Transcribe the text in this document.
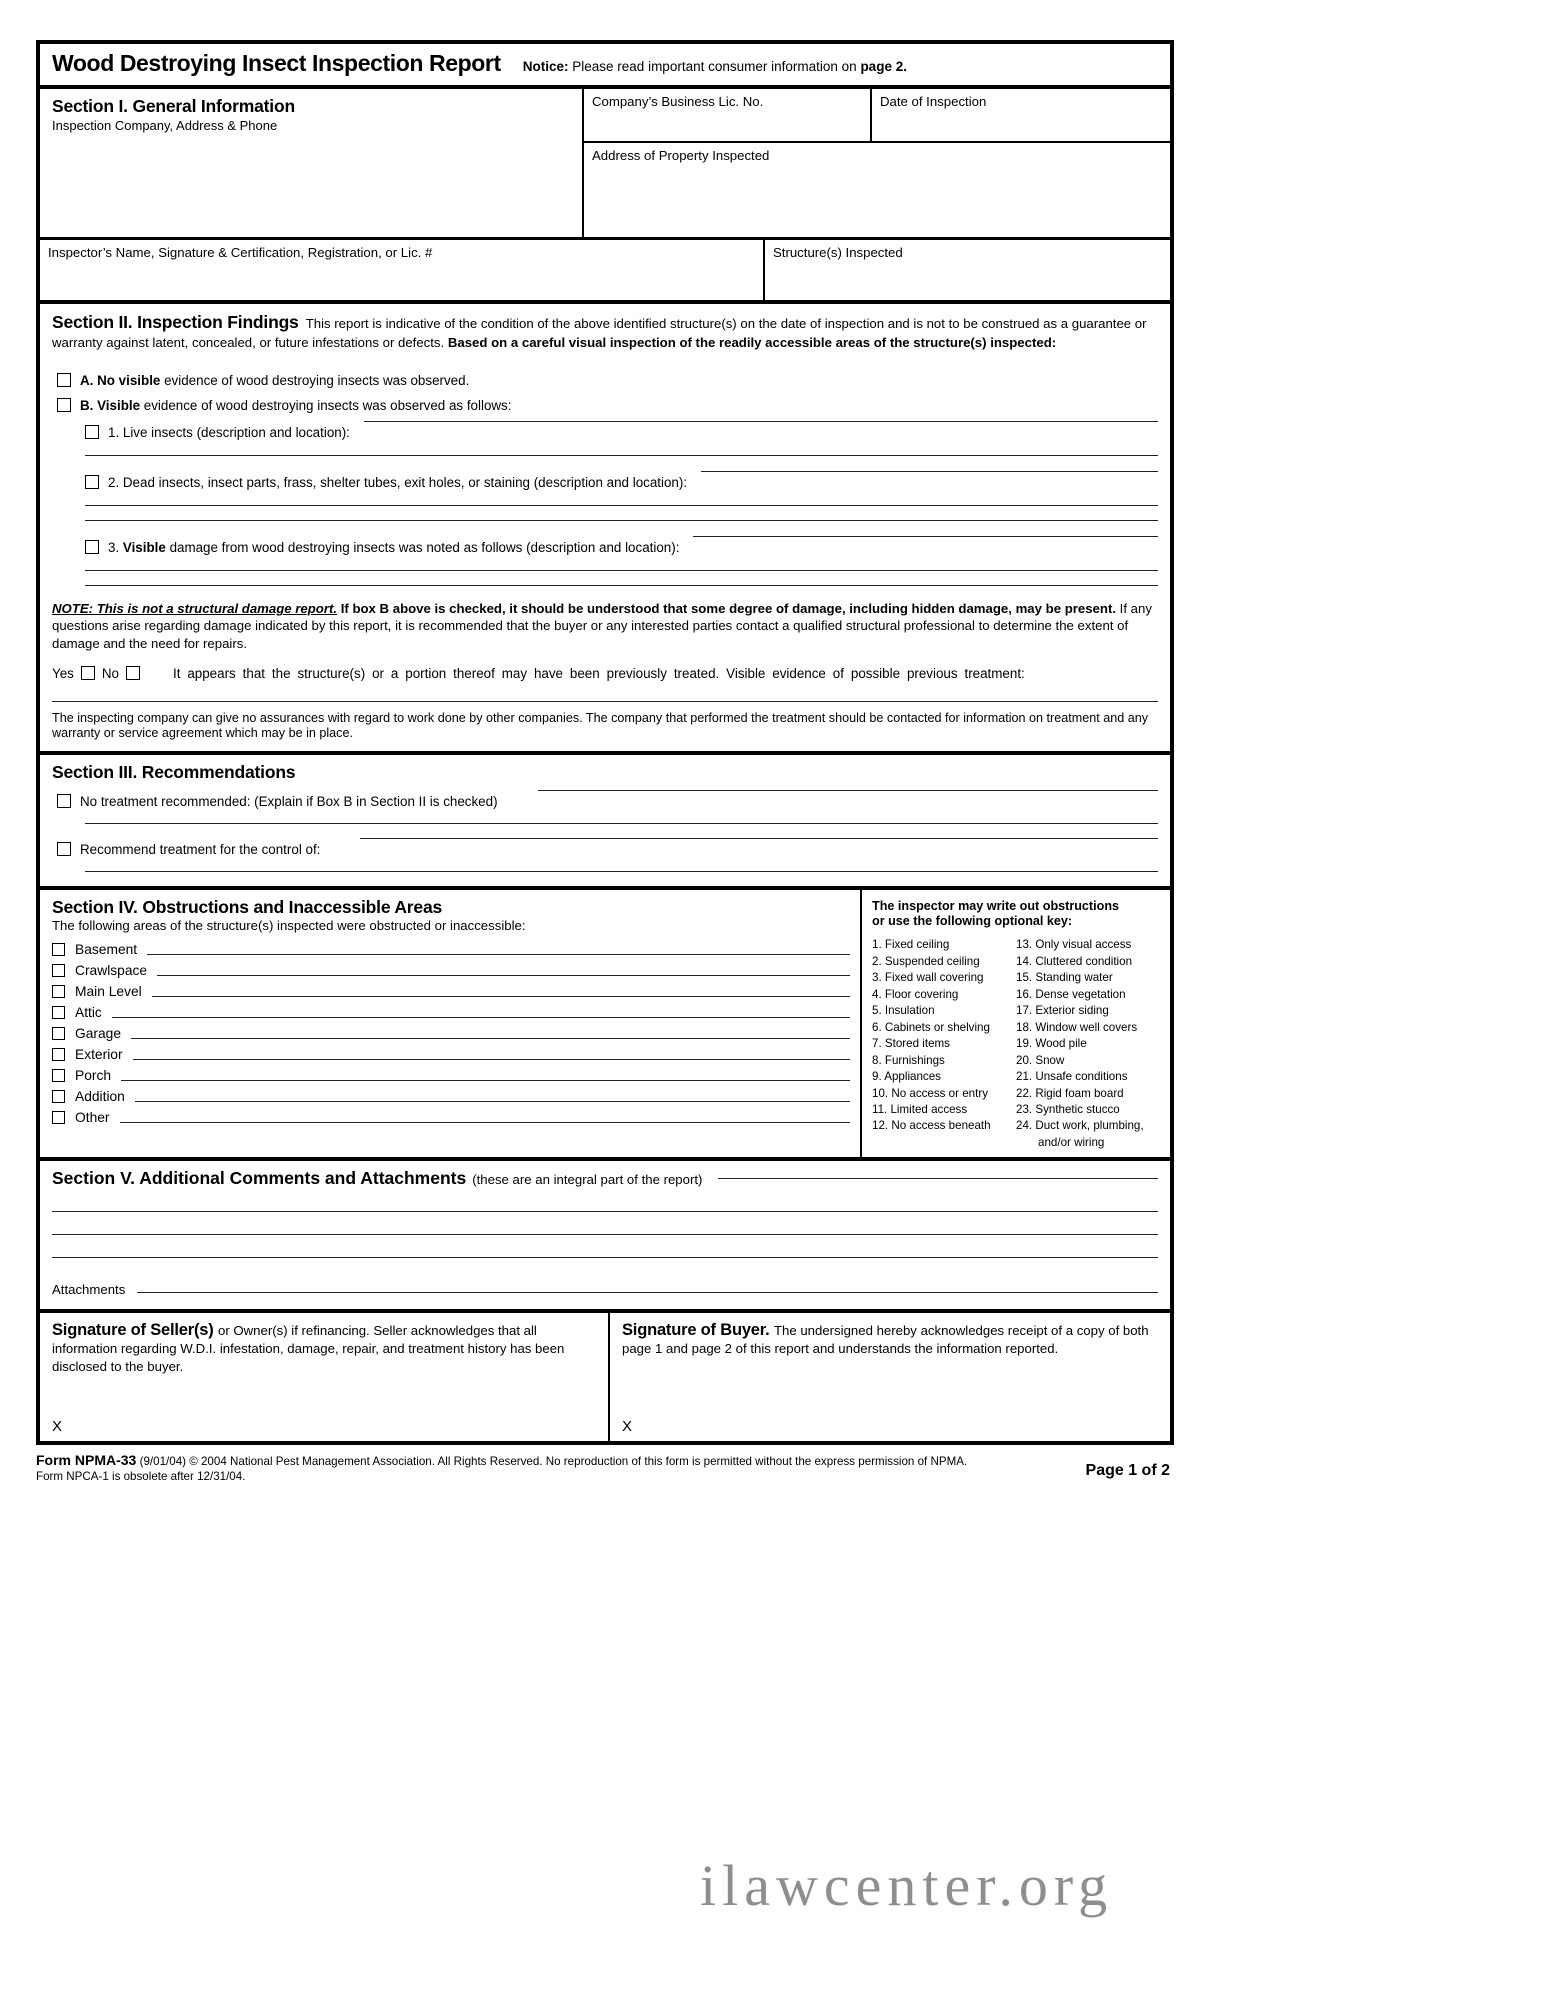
Wood Destroying Insect Inspection Report Notice: Please read important consumer information on page 2.
Section I. General Information
Inspection Company, Address & Phone
Company’s Business Lic. No.	Date of Inspection
Address of Property Inspected
Inspector’s Name, Signature & Certification, Registration, or Lic. #	Structure(s) Inspected
Section II. Inspection Findings This report is indicative of the condition of the above identified structure(s) on the date of inspection and is not to be construed as a guarantee or warranty against latent, concealed, or future infestations or defects. Based on a careful visual inspection of the readily accessible areas of the structure(s) inspected:
A. No visible evidence of wood destroying insects was observed.
B. Visible evidence of wood destroying insects was observed as follows:
1. Live insects (description and location):
2. Dead insects, insect parts, frass, shelter tubes, exit holes, or staining (description and location):
3. Visible damage from wood destroying insects was noted as follows (description and location):
NOTE: This is not a structural damage report. If box B above is checked, it should be understood that some degree of damage, including hidden damage, may be present. If any questions arise regarding damage indicated by this report, it is recommended that the buyer or any interested parties contact a qualified structural professional to determine the extent of damage and the need for repairs.
Yes No	It appears that the structure(s) or a portion thereof may have been previously treated. Visible evidence of possible previous treatment:
The inspecting company can give no assurances with regard to work done by other companies. The company that performed the treatment should be contacted for information on treatment and any warranty or service agreement which may be in place.
Section III. Recommendations
No treatment recommended: (Explain if Box B in Section II is checked)
Recommend treatment for the control of:
Section IV. Obstructions and Inaccessible Areas
The following areas of the structure(s) inspected were obstructed or inaccessible:
Basement
Crawlspace
Main Level
Attic
Garage
Exterior
Porch
Addition
Other
The inspector may write out obstructions
or use the following optional key:
1. Fixed ceiling
2. Suspended ceiling
3. Fixed wall covering
4. Floor covering
5. Insulation
6. Cabinets or shelving
7. Stored items
8. Furnishings
9. Appliances
10. No access or entry
11. Limited access
12. No access beneath
13. Only visual access
14. Cluttered condition
15. Standing water
16. Dense vegetation
17. Exterior siding
18. Window well covers
19. Wood pile
20. Snow
21. Unsafe conditions
22. Rigid foam board
23. Synthetic stucco
24. Duct work, plumbing,
and/or wiring
Section V. Additional Comments and Attachments (these are an integral part of the report)
Attachments
Signature of Seller(s) or Owner(s) if refinancing. Seller acknowledges that all information regarding W.D.I. infestation, damage, repair, and treatment history has been disclosed to the buyer.
X
Signature of Buyer. The undersigned hereby acknowledges receipt of a copy of both page 1 and page 2 of this report and understands the information reported.
X
Form NPMA-33 (9/01/04) © 2004 National Pest Management Association. All Rights Reserved. No reproduction of this form is permitted without the express permission of NPMA.
Form NPCA-1 is obsolete after 12/31/04.	Page 1 of 2
ilawcenter.org
